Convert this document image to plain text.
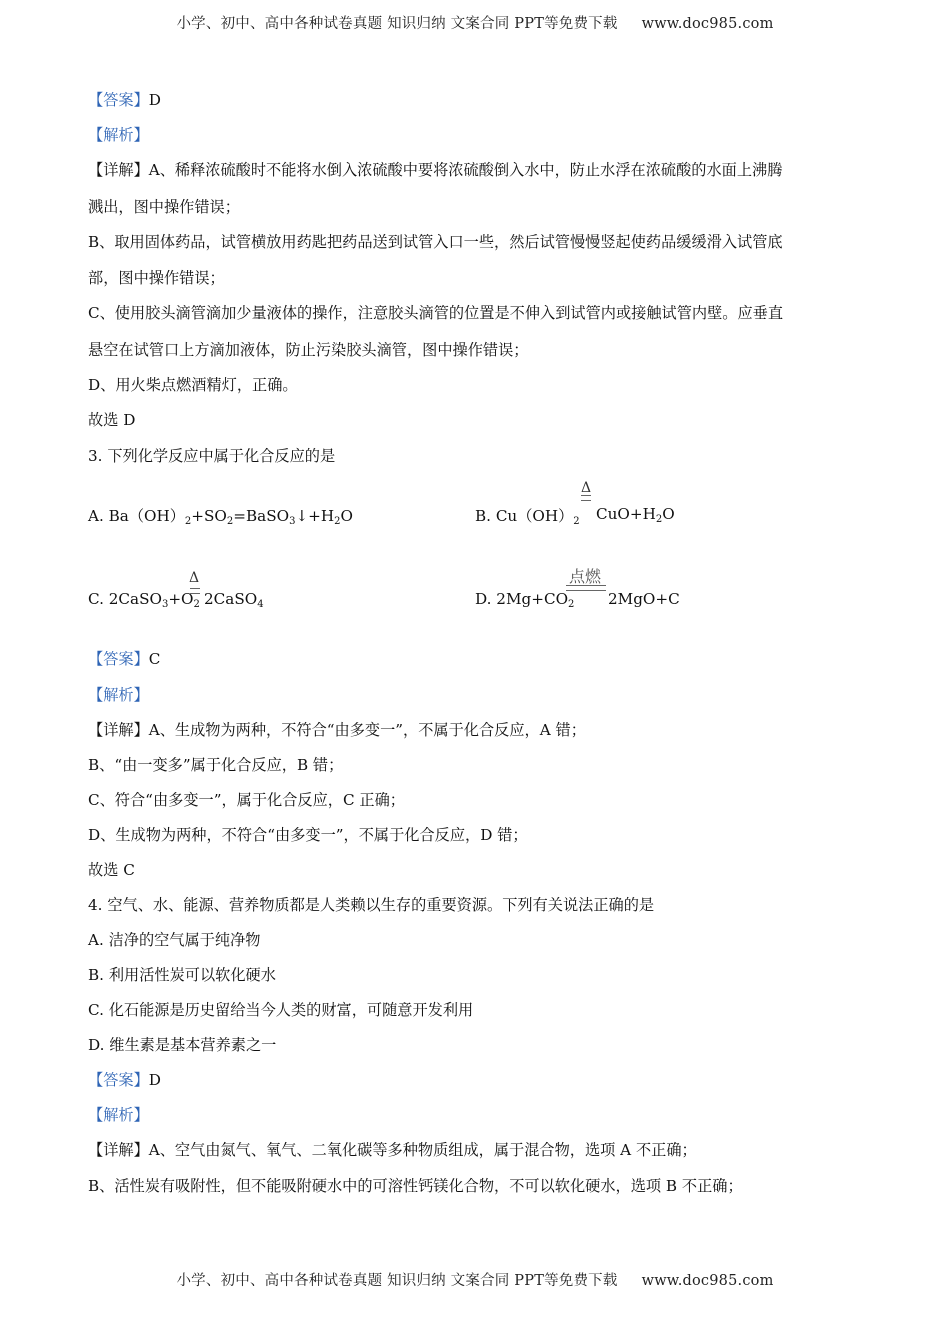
小学、初中、高中各种试卷真题 知识归纳 文案合同 PPT等免费下载 www.doc985.com
【答案】D
【解析】
【详解】A、稀释浓硫酸时不能将水倒入浓硫酸中要将浓硫酸倒入水中，防止水浮在浓硫酸的水面上沸腾
溅出，图中操作错误；
B、取用固体药品，试管横放用药匙把药品送到试管入口一些，然后试管慢慢竖起使药品缓缓滑入试管底
部，图中操作错误；
C、使用胶头滴管滴加少量液体的操作，注意胶头滴管的位置是不伸入到试管内或接触试管内壁。应垂直
悬空在试管口上方滴加液体，防止污染胶头滴管，图中操作错误；
D、用火柴点燃酒精灯，正确。
故选 D
3. 下列化学反应中属于化合反应的是
A. $Ba(OH)_2+SO_2=BaSO_3↓+H_2O$	B. $Cu(OH)_2$
Δ
$CuO+H_2O$
C. $2CaSO_3+O_2$
Δ
2CaSO$_4$	D. $2Mg+CO_2$
点燃
2MgO+C
【答案】C
【解析】
【详解】A、生成物为两种，不符合“由多变一”，不属于化合反应，A 错；
B、“由一变多”属于化合反应，B 错；
C、符合“由多变一”，属于化合反应，C 正确；
D、生成物为两种，不符合“由多变一”，不属于化合反应，D 错；
故选 C
4. 空气、水、能源、营养物质都是人类赖以生存的重要资源。下列有关说法正确的是
A. 洁净的空气属于纯净物
B. 利用活性炭可以软化硬水
C. 化石能源是历史留给当今人类的财富，可随意开发利用
D. 维生素是基本营养素之一
【答案】D
【解析】
【详解】A、空气由氮气、氧气、二氧化碳等多种物质组成，属于混合物，选项 A 不正确；
B、活性炭有吸附性，但不能吸附硬水中的可溶性钙镁化合物，不可以软化硬水，选项 B 不正确；
小学、初中、高中各种试卷真题 知识归纳 文案合同 PPT等免费下载 www.doc985.com
